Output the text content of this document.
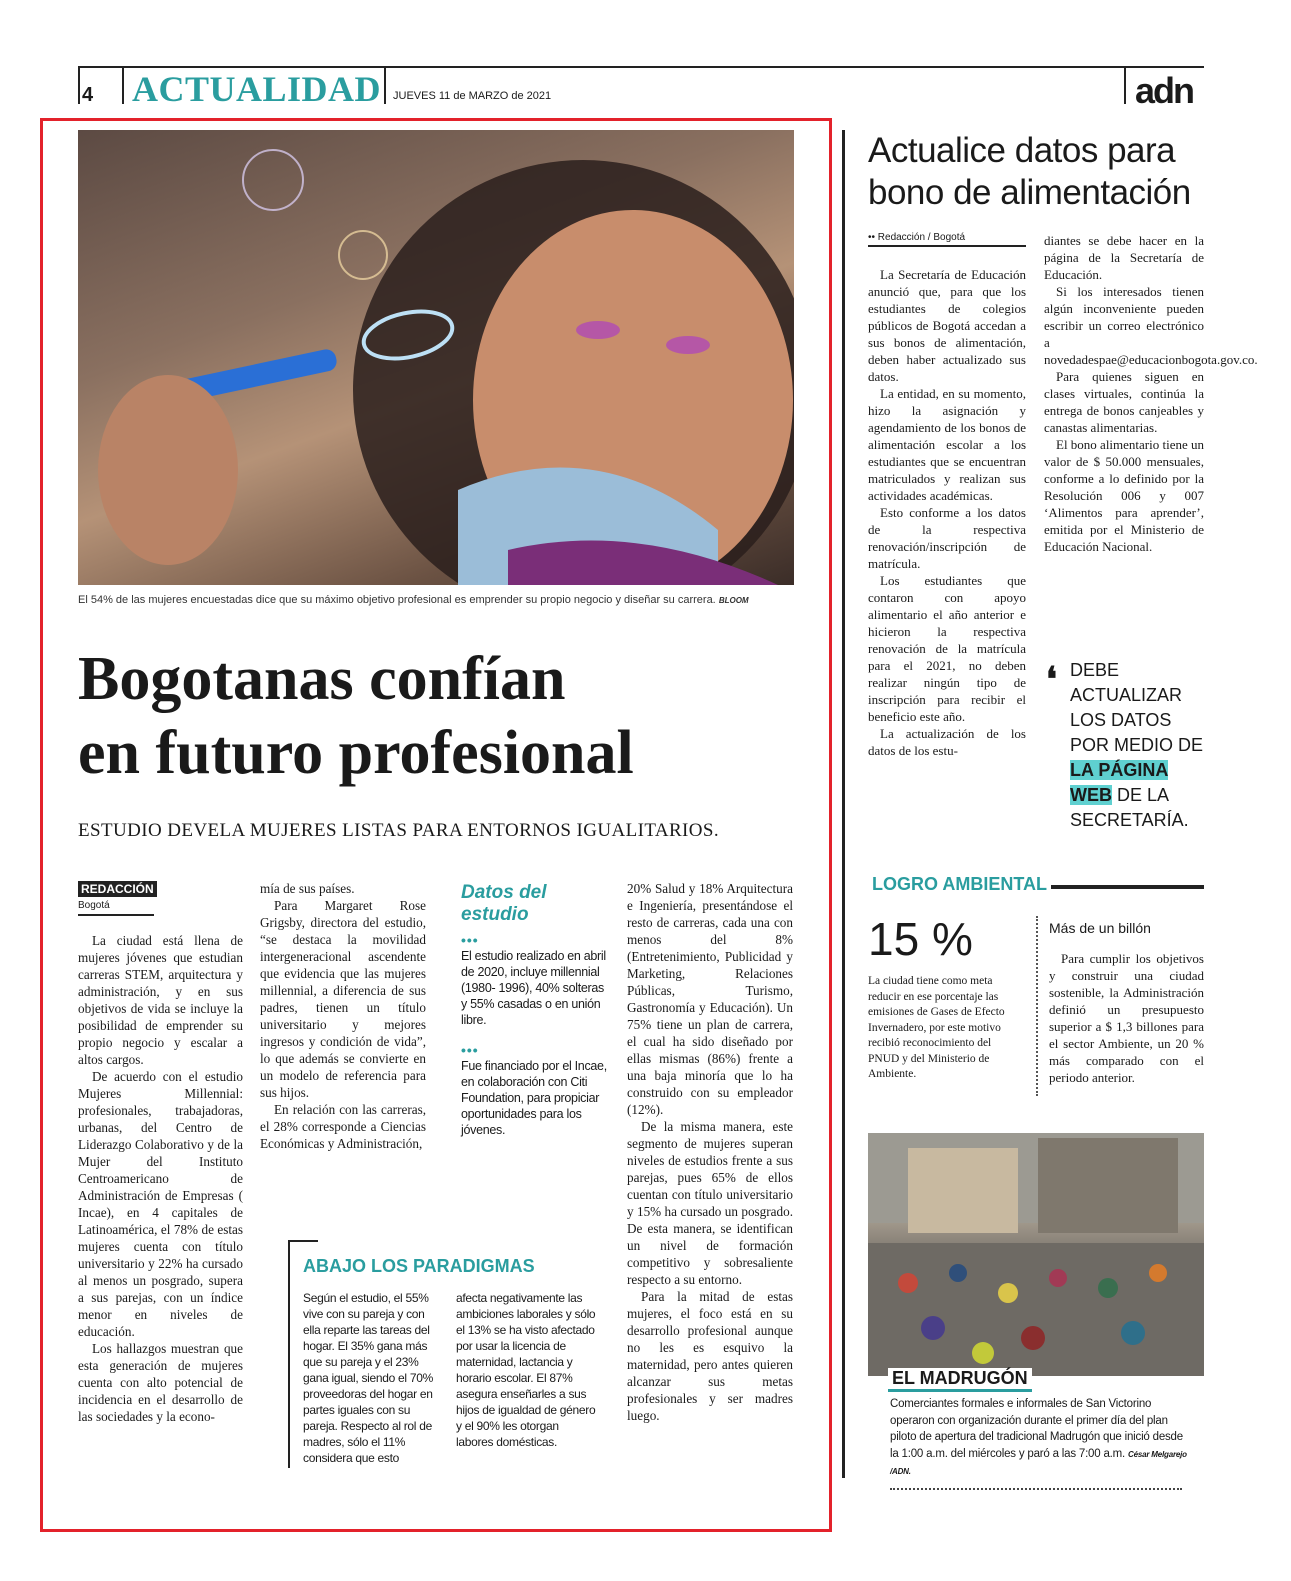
4 ACTUALIDAD JUEVES 11 de MARZO de 2021	adn
El 54% de las mujeres encuestadas dice que su máximo objetivo profesional es emprender su propio negocio y diseñar su carrera. BLOOM
Bogotanas confían
en futuro profesional
ESTUDIO DEVELA MUJERES LISTAS PARA ENTORNOS IGUALITARIOS.
REDACCIÓN
Bogotá

La ciudad está llena de mujeres jóvenes que estudian carreras STEM, arquitectura y administración, y en sus objetivos de vida se incluye la posibilidad de emprender su propio negocio y escalar a altos cargos.

De acuerdo con el estudio Mujeres Millennial: profesionales, trabajadoras, urbanas, del Centro de Liderazgo Colaborativo y de la Mujer del Instituto Centroamericano de Administración de Empresas ( Incae), en 4 capitales de Latinoamérica, el 78% de estas mujeres cuenta con título universitario y 22% ha cursado al menos un posgrado, supera a sus parejas, con un índice menor en niveles de educación.

Los hallazgos muestran que esta generación de mujeres cuenta con alto potencial de incidencia en el desarrollo de las sociedades y la econo-

mía de sus países.

Para Margaret Rose Grigsby, directora del estudio, “se destaca la movilidad intergeneracional ascendente que evidencia que las mujeres millennial, a diferencia de sus padres, tienen un título universitario y mejores ingresos y condición de vida”, lo que además se convierte en un modelo de referencia para sus hijos.

En relación con las carreras, el 28% corresponde a Ciencias Económicas y Administración,

Datos del
estudio
•••
El estudio realizado en abril de 2020, incluye millennial (1980- 1996), 40% solteras y 55% casadas o en unión libre.
•••
Fue financiado por el Incae, en colaboración con Citi Foundation, para propiciar oportunidades para los jóvenes.

20% Salud y 18% Arquitectura e Ingeniería, presentándose el resto de carreras, cada una con menos del 8% (Entretenimiento, Publicidad y Marketing, Relaciones Públicas, Turismo, Gastronomía y Educación). Un 75% tiene un plan de carrera, el cual ha sido diseñado por ellas mismas (86%) frente a una baja minoría que lo ha construido con su empleador (12%).

De la misma manera, este segmento de mujeres superan niveles de estudios frente a sus parejas, pues 65% de ellos cuentan con título universitario y 15% ha cursado un posgrado. De esta manera, se identifican un nivel de formación competitivo y sobresaliente respecto a su entorno.

Para la mitad de estas mujeres, el foco está en su desarrollo profesional aunque no les es esquivo la maternidad, pero antes quieren alcanzar sus metas profesionales y ser madres luego.

ABAJO LOS PARADIGMAS
Según el estudio, el 55% vive con su pareja y con ella reparte las tareas del hogar. El 35% gana más que su pareja y el 23% gana igual, siendo el 70% proveedoras del hogar en partes iguales con su pareja. Respecto al rol de madres, sólo el 11% considera que esto
afecta negativamente las ambiciones laborales y sólo el 13% se ha visto afectado por usar la licencia de maternidad, lactancia y horario escolar. El 87% asegura enseñarles a sus hijos de igualdad de género y el 90% les otorgan labores domésticas.
Actualice datos para
bono de alimentación
•• Redacción / Bogotá

La Secretaría de Educación anunció que, para que los estudiantes de colegios públicos de Bogotá accedan a sus bonos de alimentación, deben haber actualizado sus datos.

La entidad, en su momento, hizo la asignación y agendamiento de los bonos de alimentación escolar a los estudiantes que se encuentran matriculados y realizan sus actividades académicas.

Esto conforme a los datos de la respectiva renovación/inscripción de matrícula.

Los estudiantes que contaron con apoyo alimentario el año anterior e hicieron la respectiva renovación de la matrícula para el 2021, no deben realizar ningún tipo de inscripción para recibir el beneficio este año.

La actualización de los datos de los estu-

diantes se debe hacer en la página de la Secretaría de Educación.

Si los interesados tienen algún inconveniente pueden escribir un correo electrónico a novedadespae@educacionbogota.gov.co.

Para quienes siguen en clases virtuales, continúa la entrega de bonos canjeables y canastas alimentarias.

El bono alimentario tiene un valor de $ 50.000 mensuales, conforme a lo definido por la Resolución 006 y 007 ‘Alimentos para aprender’, emitida por el Ministerio de Educación Nacional.

❛ DEBE
ACTUALIZAR
LOS DATOS
POR MEDIO DE
LA PÁGINA
WEB DE LA
SECRETARÍA.
LOGRO AMBIENTAL
15 %
La ciudad tiene como meta reducir en ese porcentaje las emisiones de Gases de Efecto Invernadero, por este motivo recibió reconocimiento del PNUD y del Ministerio de Ambiente.
Más de un billón
Para cumplir los objetivos y construir una ciudad sostenible, la Administración definió un presupuesto superior a $ 1,3 billones para el sector Ambiente, un 20 % más comparado con el periodo anterior.
EL MADRUGÓN
Comerciantes formales e informales de San Victorino operaron con organización durante el primer día del plan piloto de apertura del tradicional Madrugón que inició desde la 1:00 a.m. del miércoles y paró a las 7:00 a.m. César Melgarejo /ADN.
